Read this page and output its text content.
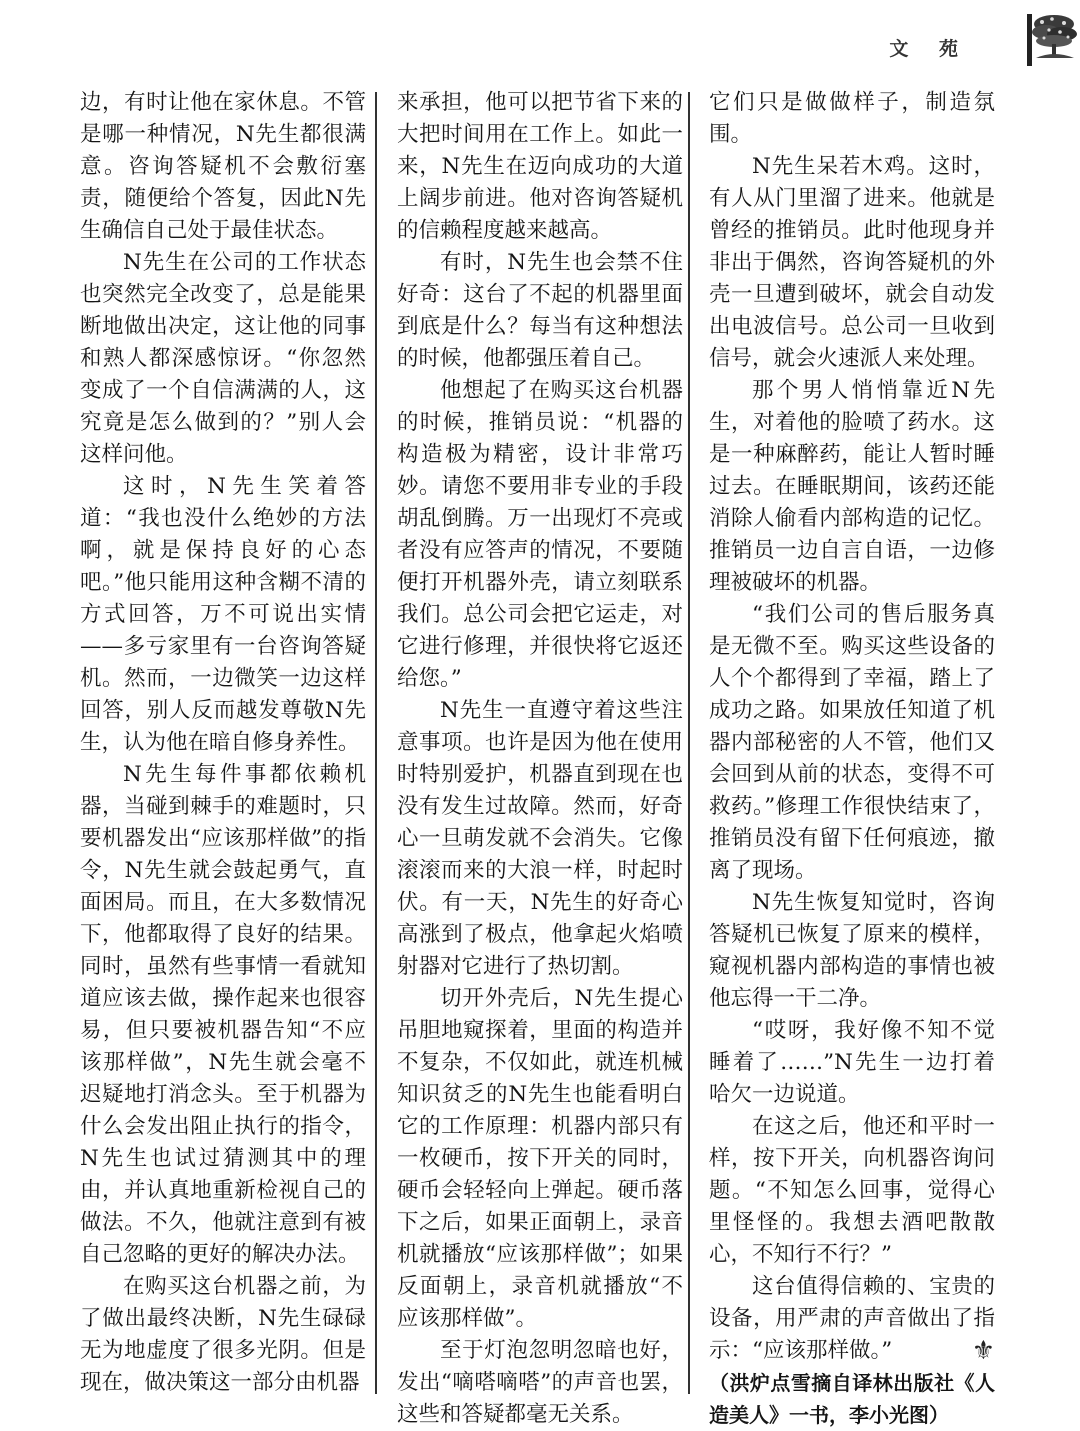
文 苑

边，有时让他在家休息。不管是哪一种情况，N先生都很满意。咨询答疑机不会敷衍塞责，随便给个答复，因此N先生确信自己处于最佳状态。

N先生在公司的工作状态也突然完全改变了，总是能果断地做出决定，这让他的同事和熟人都深感惊讶。“你忽然变成了一个自信满满的人，这究竟是怎么做到的？”别人会这样问他。

这时，N先生笑着答道：“我也没什么绝妙的方法啊，就是保持良好的心态吧。”他只能用这种含糊不清的方式回答，万不可说出实情——多亏家里有一台咨询答疑机。然而，一边微笑一边这样回答，别人反而越发尊敬N先生，认为他在暗自修身养性。

N先生每件事都依赖机器，当碰到棘手的难题时，只要机器发出“应该那样做”的指令，N先生就会鼓起勇气，直面困局。而且，在大多数情况下，他都取得了良好的结果。同时，虽然有些事情一看就知道应该去做，操作起来也很容易，但只要被机器告知“不应该那样做”，N先生就会毫不迟疑地打消念头。至于机器为什么会发出阻止执行的指令，N先生也试过猜测其中的理由，并认真地重新检视自己的做法。不久，他就注意到有被自己忽略的更好的解决办法。

在购买这台机器之前，为了做出最终决断，N先生碌碌无为地虚度了很多光阴。但是现在，做决策这一部分由机器

来承担，他可以把节省下来的大把时间用在工作上。如此一来，N先生在迈向成功的大道上阔步前进。他对咨询答疑机的信赖程度越来越高。

有时，N先生也会禁不住好奇：这台了不起的机器里面到底是什么？每当有这种想法的时候，他都强压着自己。

他想起了在购买这台机器的时候，推销员说：“机器的构造极为精密，设计非常巧妙。请您不要用非专业的手段胡乱倒腾。万一出现灯不亮或者没有应答声的情况，不要随便打开机器外壳，请立刻联系我们。总公司会把它运走，对它进行修理，并很快将它返还给您。”

N先生一直遵守着这些注意事项。也许是因为他在使用时特别爱护，机器直到现在也没有发生过故障。然而，好奇心一旦萌发就不会消失。它像滚滚而来的大浪一样，时起时伏。有一天，N先生的好奇心高涨到了极点，他拿起火焰喷射器对它进行了热切割。

切开外壳后，N先生提心吊胆地窥探着，里面的构造并不复杂，不仅如此，就连机械知识贫乏的N先生也能看明白它的工作原理：机器内部只有一枚硬币，按下开关的同时，硬币会轻轻向上弹起。硬币落下之后，如果正面朝上，录音机就播放“应该那样做”；如果反面朝上，录音机就播放“不应该那样做”。

至于灯泡忽明忽暗也好，发出“嘀嗒嘀嗒”的声音也罢，这些和答疑都毫无关系。

它们只是做做样子，制造氛围。

N先生呆若木鸡。这时，有人从门里溜了进来。他就是曾经的推销员。此时他现身并非出于偶然，咨询答疑机的外壳一旦遭到破坏，就会自动发出电波信号。总公司一旦收到信号，就会火速派人来处理。

那个男人悄悄靠近N先生，对着他的脸喷了药水。这是一种麻醉药，能让人暂时睡过去。在睡眠期间，该药还能消除人偷看内部构造的记忆。推销员一边自言自语，一边修理被破坏的机器。

“我们公司的售后服务真是无微不至。购买这些设备的人个个都得到了幸福，踏上了成功之路。如果放任知道了机器内部秘密的人不管，他们又会回到从前的状态，变得不可救药。”修理工作很快结束了，推销员没有留下任何痕迹，撤离了现场。

N先生恢复知觉时，咨询答疑机已恢复了原来的模样，窥视机器内部构造的事情也被他忘得一干二净。

“哎呀，我好像不知不觉睡着了……”N先生一边打着哈欠一边说道。

在这之后，他还和平时一样，按下开关，向机器咨询问题。“不知怎么回事，觉得心里怪怪的。我想去酒吧散散心，不知行不行？”

这台值得信赖的、宝贵的设备，用严肃的声音做出了指示：“应该那样做。”	⚜

（洪炉点雪摘自译林出版社《人造美人》一书，李小光图）
